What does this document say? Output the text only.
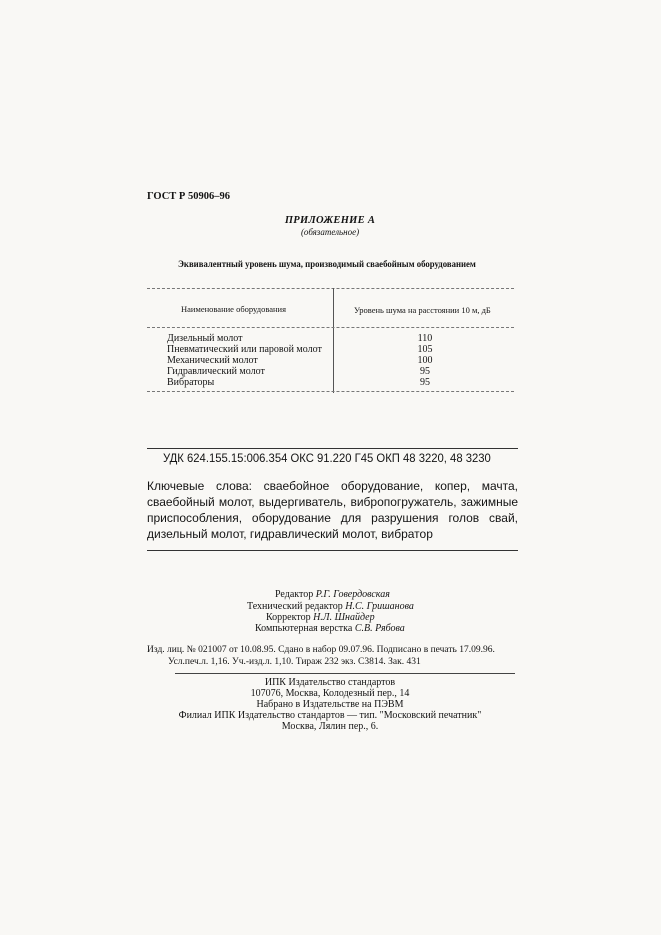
ГОСТ Р 50906–96
ПРИЛОЖЕНИЕ А
(обязательное)
Эквивалентный уровень шума, производимый сваебойным оборудованием
Наименование оборудования	Уровень шума на расстоянии 10 м, дБ
Дизельный молот	110
Пневматический или паровой молот	105
Механический молот	100
Гидравлический молот	95
Вибраторы	95
УДК 624.155.15:006.354 ОКС 91.220 Г45 ОКП 48 3220, 48 3230
Ключевые слова: сваебойное оборудование, копер, мачта, сваебойный молот, выдергиватель, вибропогружатель, зажимные приспособления, оборудование для разрушения голов свай, дизельный молот, гидравлический молот, вибратор
Редактор Р.Г. Говердовская
Технический редактор Н.С. Гришанова
Корректор Н.Л. Шнайдер
Компьютерная верстка С.В. Рябова
Изд. лиц. № 021007 от 10.08.95. Сдано в набор 09.07.96. Подписано в печать 17.09.96.
Усл.печ.л. 1,16. Уч.-изд.л. 1,10. Тираж 232 экз. С3814. Зак. 431
ИПК Издательство стандартов
107076, Москва, Колодезный пер., 14
Набрано в Издательстве на ПЭВМ
Филиал ИПК Издательство стандартов — тип. "Московский печатник"
Москва, Лялин пер., 6.
